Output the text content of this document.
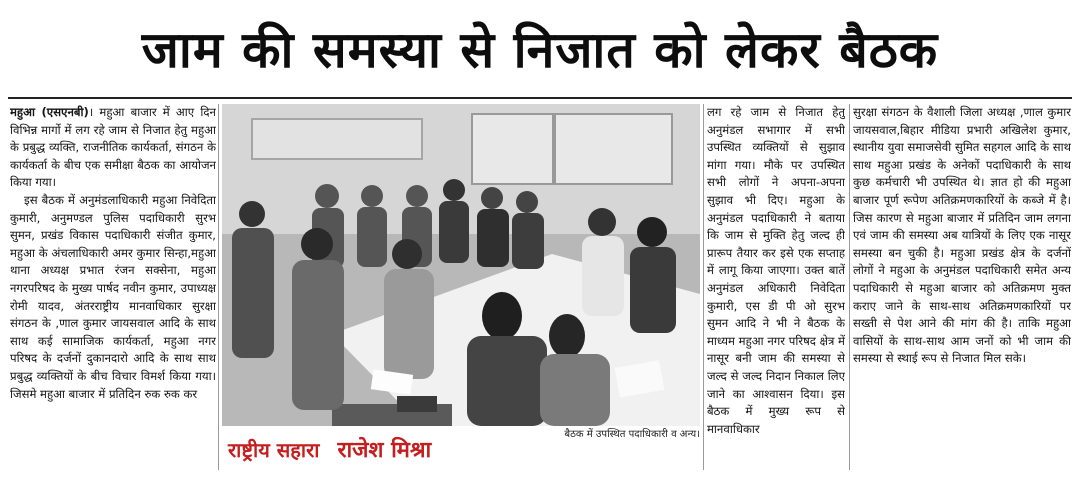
जाम की समस्या से निजात को लेकर बैठक

महुआ (एसएनबी)। महुआ बाजार में आए दिन विभिन्न मार्गो में लग रहे जाम से निजात हेतु महुआ के प्रबुद्ध व्यक्ति, राजनीतिक कार्यकर्ता, संगठन के कार्यकर्ता के बीच एक समीक्षा बैठक का आयोजन किया गया।

इस बैठक में अनुमंडलाधिकारी महुआ निवेदिता कुमारी, अनुमण्डल पुलिस पदाधिकारी सुरभ सुमन, प्रखंड विकास पदाधिकारी संजीत कुमार, महुआ के अंचलाधिकारी अमर कुमार सिन्हा,महुआ थाना अध्यक्ष प्रभात रंजन सक्सेना, महुआ नगरपरिषद के मुख्य पार्षद नवीन कुमार, उपाध्यक्ष रोमी यादव, अंतरराष्ट्रीय मानवाधिकार सुरक्षा संगठन के ,णाल कुमार जायसवाल आदि के साथ साथ कई सामाजिक कार्यकर्ता, महुआ नगर परिषद के दर्जनों दुकानदारो आदि के साथ साथ प्रबुद्ध व्यक्तियों के बीच विचार विमर्श किया गया। जिसमे महुआ बाजार में प्रतिदिन रुक रुक कर

राष्ट्रीय सहारा राजेश मिश्रा
बैठक में उपस्थित पदाधिकारी व अन्य।

लग रहे जाम से निजात हेतु अनुमंडल सभागार में सभी उपस्थित व्यक्तियों से सुझाव मांगा गया। मौके पर उपस्थित सभी लोगों ने अपना-अपना सुझाव भी दिए। महुआ के अनुमंडल पदाधिकारी ने बताया कि जाम से मुक्ति हेतु जल्द ही प्रारूप तैयार कर इसे एक सप्ताह में लागू किया जाएगा। उक्त बातें अनुमंडल अधिकारी निवेदिता कुमारी, एस डी पी ओ सुरभ सुमन आदि ने भी ने बैठक के माध्यम महुआ नगर परिषद क्षेत्र में नासूर बनी जाम की समस्या से जल्द से जल्द निदान निकाल लिए जाने का आश्वासन दिया। इस बैठक में मुख्य रूप से मानवाधिकार

सुरक्षा संगठन के वैशाली जिला अध्यक्ष ,णाल कुमार जायसवाल,बिहार मीडिया प्रभारी अखिलेश कुमार, स्थानीय युवा समाजसेवी सुमित सहगल आदि के साथ साथ महुआ प्रखंड के अनेकों पदाधिकारी के साथ कुछ कर्मचारी भी उपस्थित थे। ज्ञात हो की महुआ बाजार पूर्ण रूपेण अतिक्रमणकारियों के कब्जे में है। जिस कारण से महुआ बाजार में प्रतिदिन जाम लगना एवं जाम की समस्या अब यात्रियों के लिए एक नासूर समस्या बन चुकी है। महुआ प्रखंड क्षेत्र के दर्जनों लोगों ने महुआ के अनुमंडल पदाधिकारी समेत अन्य पदाधिकारी से महुआ बाजार को अतिक्रमण मुक्त कराए जाने के साथ-साथ अतिक्रमणकारियों पर सख्ती से पेश आने की मांग की है। ताकि महुआ वासियों के साथ-साथ आम जनों को भी जाम की समस्या से स्थाई रूप से निजात मिल सके।
